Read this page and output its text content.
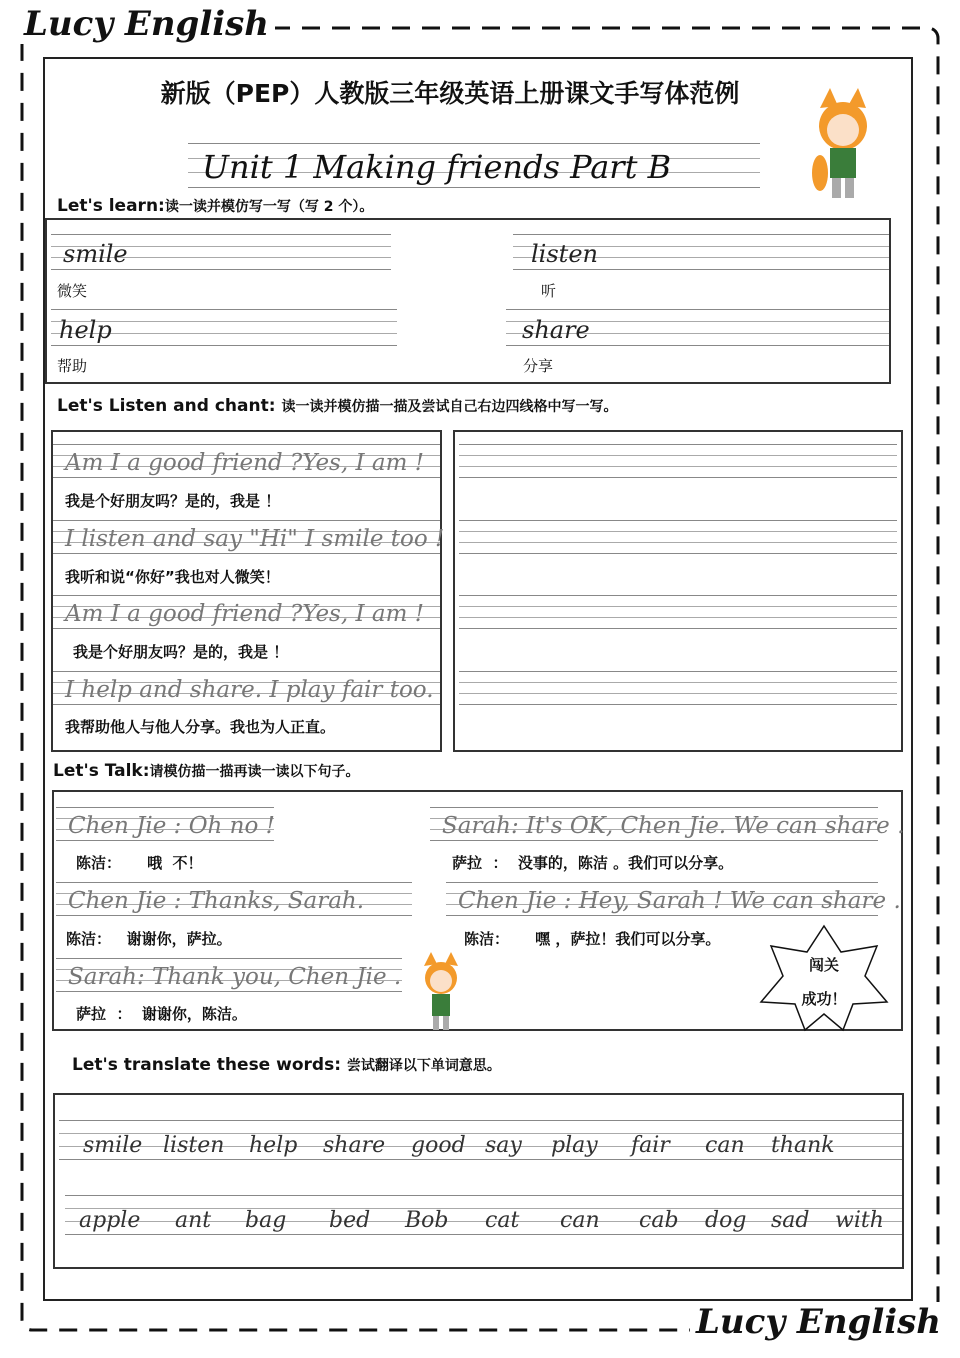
Lucy English
Lucy English
新版（PEP）人教版三年级英语上册课文手写体范例
Unit 1 Making friends Part B
Let's learn:读一读并模仿写一写（写 2 个）。
smile
微笑
listen
听
help
帮助
share
分享
Let's Listen and chant: 读一读并模仿描一描及尝试自己右边四线格中写一写。
Am I a good friend ?Yes, I am !
我是个好朋友吗？是的，我是 ！
I listen and say "Hi" I smile too !
我听和说“你好”我也对人微笑！
Am I a good friend ?Yes, I am !
我是个好朋友吗？是的，我是 ！
I help and share. I play fair too.
我帮助他人与他人分享。我也为人正直。
Let's Talk:请模仿描一描再读一读以下句子。
Chen Jie : Oh no !
陈洁：     哦  不！
Sarah: It's OK, Chen Jie. We can share .
萨拉  ：  没事的，陈洁 。我们可以分享。
Chen Jie : Thanks, Sarah.
陈洁：   谢谢你，萨拉。
Chen Jie : Hey, Sarah ! We can share .
陈洁：     嘿 ，萨拉！我们可以分享。
Sarah: Thank you, Chen Jie .
萨拉  ：  谢谢你，陈洁。
闯关
成功！
Let's translate these words: 尝试翻译以下单词意思。
smile listen help share good say play fair can thank
apple ant bag bed Bob cat can cab dog sad with
